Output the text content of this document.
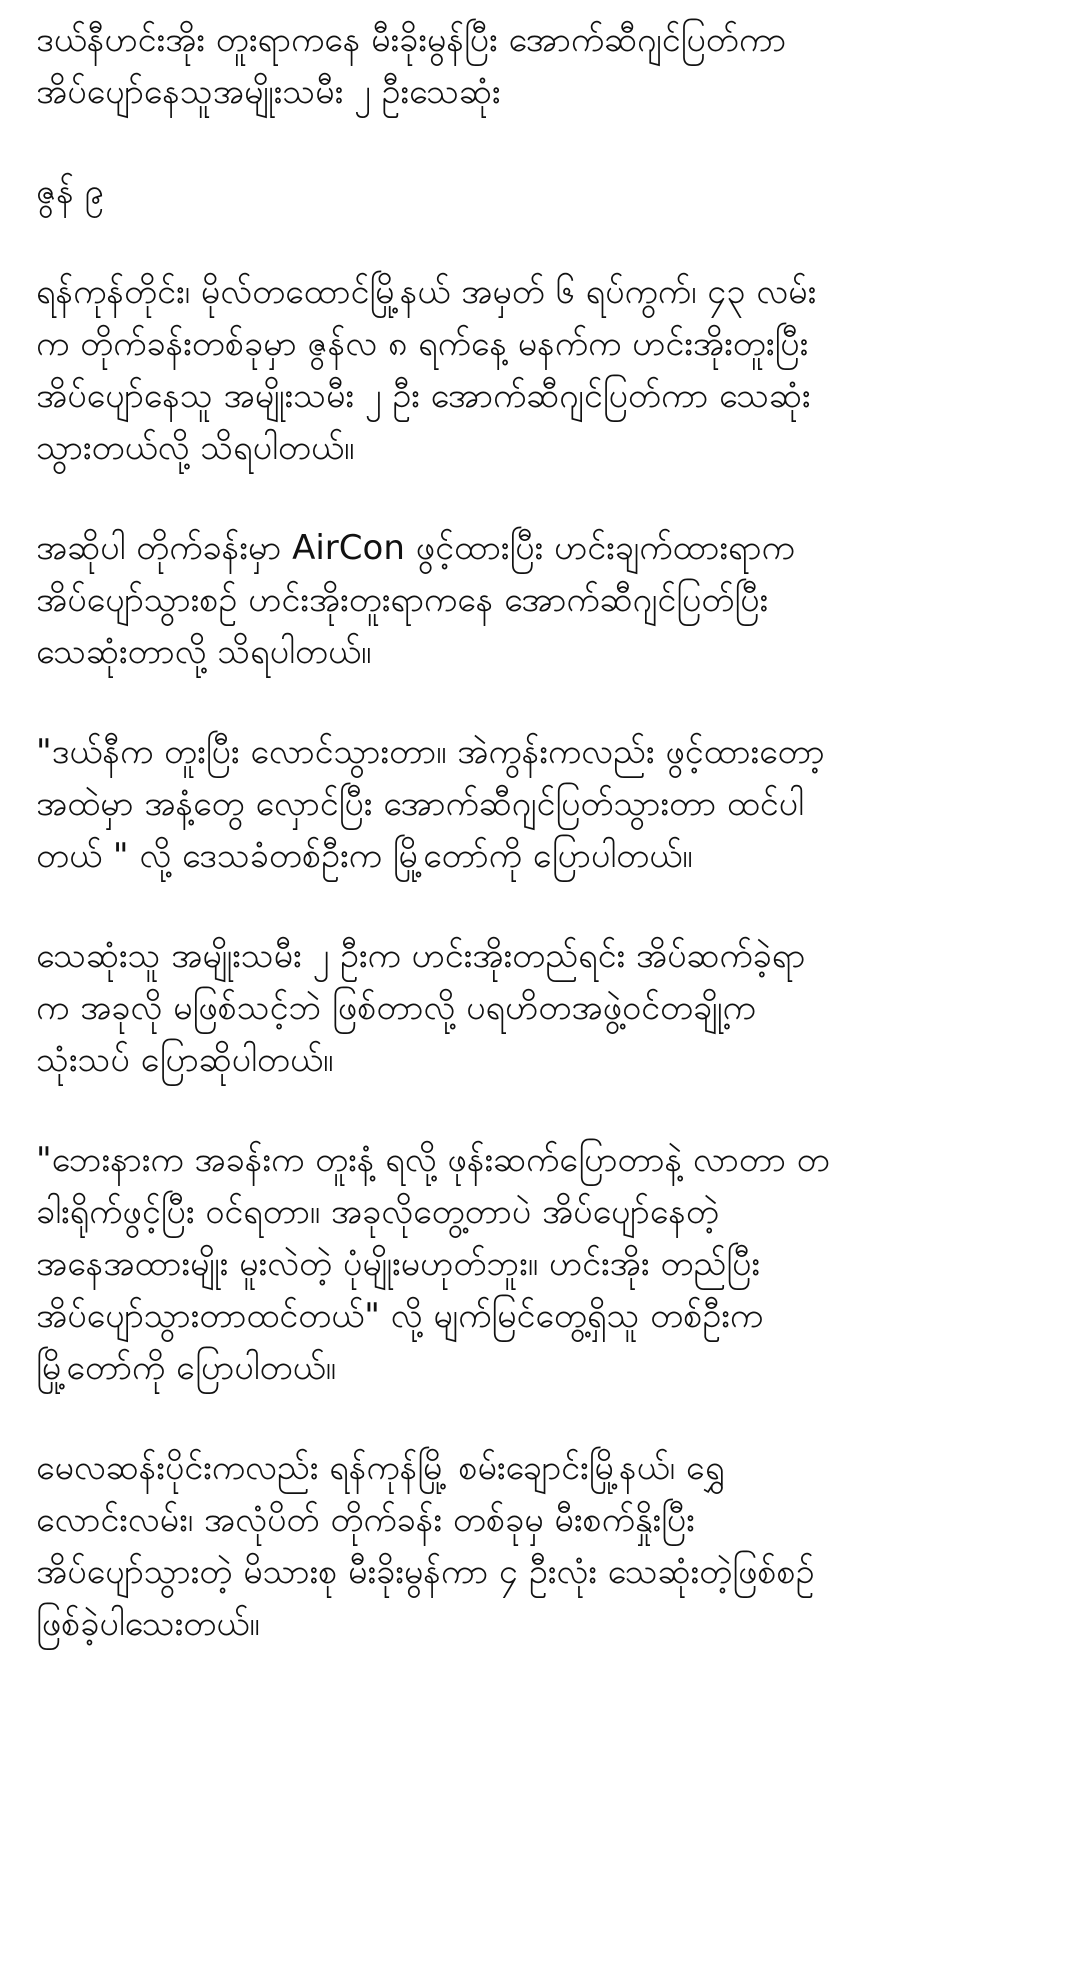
ဒယ်နီဟင်းအိုး တူးရာကနေ မီးခိုးမွန်ပြီး အောက်ဆီဂျင်ပြတ်ကာ
အိပ်ပျော်နေသူအမျိုးသမီး ၂ ဦးသေဆုံး

ဇွန် ၉

ရန်ကုန်တိုင်း၊ မိုလ်တထောင်မြို့နယ် အမှတ် ၆ ရပ်ကွက်၊ ၄၃ လမ်း
က တိုက်ခန်းတစ်ခုမှာ ဇွန်လ ၈ ရက်နေ့ မနက်က ဟင်းအိုးတူးပြီး
အိပ်ပျော်နေသူ အမျိုးသမီး ၂ ဦး အောက်ဆီဂျင်ပြတ်ကာ သေဆုံး
သွားတယ်လို့ သိရပါတယ်။

အဆိုပါ တိုက်ခန်းမှာ AirCon ဖွင့်ထားပြီး ဟင်းချက်ထားရာက
အိပ်ပျော်သွားစဉ် ဟင်းအိုးတူးရာကနေ အောက်ဆီဂျင်ပြတ်ပြီး
သေဆုံးတာလို့ သိရပါတယ်။

"ဒယ်နီက တူးပြီး လောင်သွားတာ။ အဲကွန်းကလည်း ဖွင့်ထားတော့
အထဲမှာ အနံ့တွေ လှောင်ပြီး အောက်ဆီဂျင်ပြတ်သွားတာ ထင်ပါ
တယ် " လို့ ဒေသခံတစ်ဦးက မြို့တော်ကို ပြောပါတယ်။

သေဆုံးသူ အမျိုးသမီး ၂ ဦးက ဟင်းအိုးတည်ရင်း အိပ်ဆက်ခဲ့ရာ
က အခုလို မဖြစ်သင့်ဘဲ ဖြစ်တာလို့ ပရဟိတအဖွဲ့ဝင်တချို့က
သုံးသပ် ပြောဆိုပါတယ်။

"ဘေးနားက အခန်းက တူးနံ့ ရလို့ ဖုန်းဆက်ပြောတာနဲ့ လာတာ တ
ခါးရိုက်ဖွင့်ပြီး ဝင်ရတာ။ အခုလိုတွေ့တာပဲ အိပ်ပျော်နေတဲ့
အနေအထားမျိုး မူးလဲတဲ့ ပုံမျိုးမဟုတ်ဘူး။ ဟင်းအိုး တည်ပြီး
အိပ်ပျော်သွားတာထင်တယ်" လို့ မျက်မြင်တွေ့ရှိသူ တစ်ဦးက
မြို့တော်ကို ပြောပါတယ်။

မေလဆန်းပိုင်းကလည်း ရန်ကုန်မြို့ စမ်းချောင်းမြို့နယ်၊ ရွှေ
လောင်းလမ်း၊ အလုံပိတ် တိုက်ခန်း တစ်ခုမှ မီးစက်နှိုးပြီး
အိပ်ပျော်သွားတဲ့ မိသားစု မီးခိုးမွန်ကာ ၄ ဦးလုံး သေဆုံးတဲ့ဖြစ်စဉ်
ဖြစ်ခဲ့ပါသေးတယ်။
